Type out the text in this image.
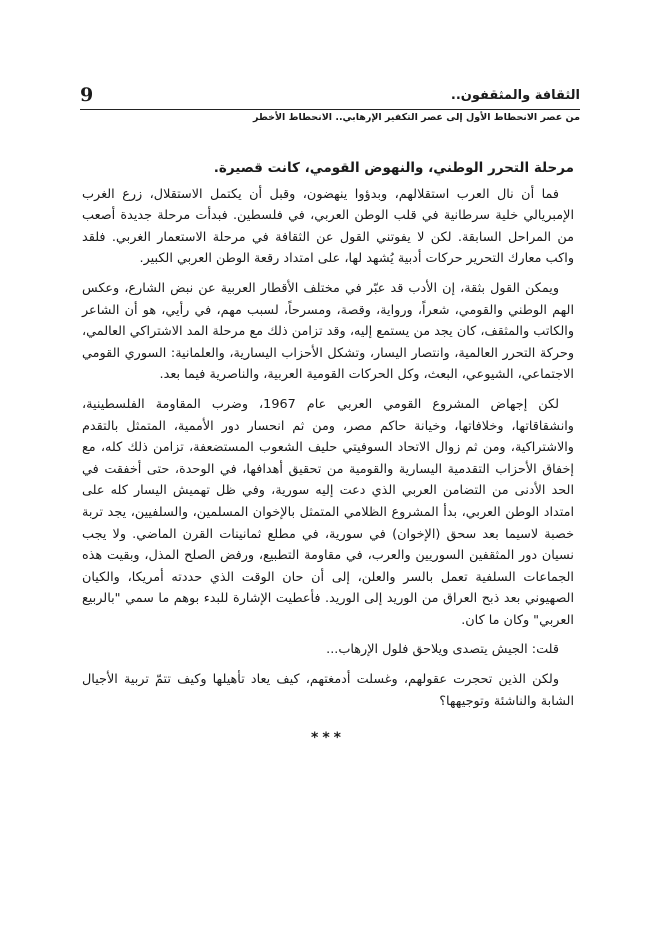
الثقافة والمثقفون..
9
من عصر الانحطاط الأول إلى عصر التكفير الإرهابي.. الانحطاط الأخطر

مرحلة التحرر الوطني، والنهوض القومي، كانت قصيرة.

فما أن نال العرب استقلالهم، وبدؤوا ينهضون، وقبل أن يكتمل الاستقلال، زرع الغرب الإمبريالي خلية سرطانية في قلب الوطن العربي، في فلسطين. فبدأت مرحلة جديدة أصعب من المراحل السابقة. لكن لا يفوتني القول عن الثقافة في مرحلة الاستعمار الغربي. فلقد واكب معارك التحرير حركات أدبية يُشهد لها، على امتداد رقعة الوطن العربي الكبير.

ويمكن القول بثقة، إن الأدب قد عبّر في مختلف الأقطار العربية عن نبض الشارع، وعكس الهم الوطني والقومي، شعراً، ورواية، وقصة، ومسرحاً، لسبب مهم، في رأيي، هو أن الشاعر والكاتب والمثقف، كان يجد من يستمع إليه، وقد تزامن ذلك مع مرحلة المد الاشتراكي العالمي، وحركة التحرر العالمية، وانتصار اليسار، وتشكل الأحزاب اليسارية، والعلمانية: السوري القومي الاجتماعي، الشيوعي، البعث، وكل الحركات القومية العربية، والناصرية فيما بعد.

لكن إجهاض المشروع القومي العربي عام 1967، وضرب المقاومة الفلسطينية، وانشقاقاتها، وخلافاتها، وخيانة حاكم مصر، ومن ثم انحسار دور الأممية، المتمثل بالتقدم والاشتراكية، ومن ثم زوال الاتحاد السوفيتي حليف الشعوب المستضعفة، تزامن ذلك كله، مع إخفاق الأحزاب التقدمية اليسارية والقومية من تحقيق أهدافها، في الوحدة، حتى أخفقت في الحد الأدنى من التضامن العربي الذي دعت إليه سورية، وفي ظل تهميش اليسار كله على امتداد الوطن العربي، بدأ المشروع الظلامي المتمثل بالإخوان المسلمين، والسلفيين، يجد تربة خصبة لاسيما بعد سحق (الإخوان) في سورية، في مطلع ثمانينات القرن الماضي. ولا يجب نسيان دور المثقفين السوريين والعرب، في مقاومة التطبيع، ورفض الصلح المذل، وبقيت هذه الجماعات السلفية تعمل بالسر والعلن، إلى أن حان الوقت الذي حددته أمريكا، والكيان الصهيوني بعد ذبح العراق من الوريد إلى الوريد. فأعطيت الإشارة للبدء بوهم ما سمي "بالربيع العربي" وكان ما كان.

قلت: الجيش يتصدى ويلاحق فلول الإرهاب...

ولكن الذين تحجرت عقولهم، وغسلت أدمغتهم، كيف يعاد تأهيلها وكيف تتمّ تربية الأجيال الشابة والناشئة وتوجيهها؟

***
